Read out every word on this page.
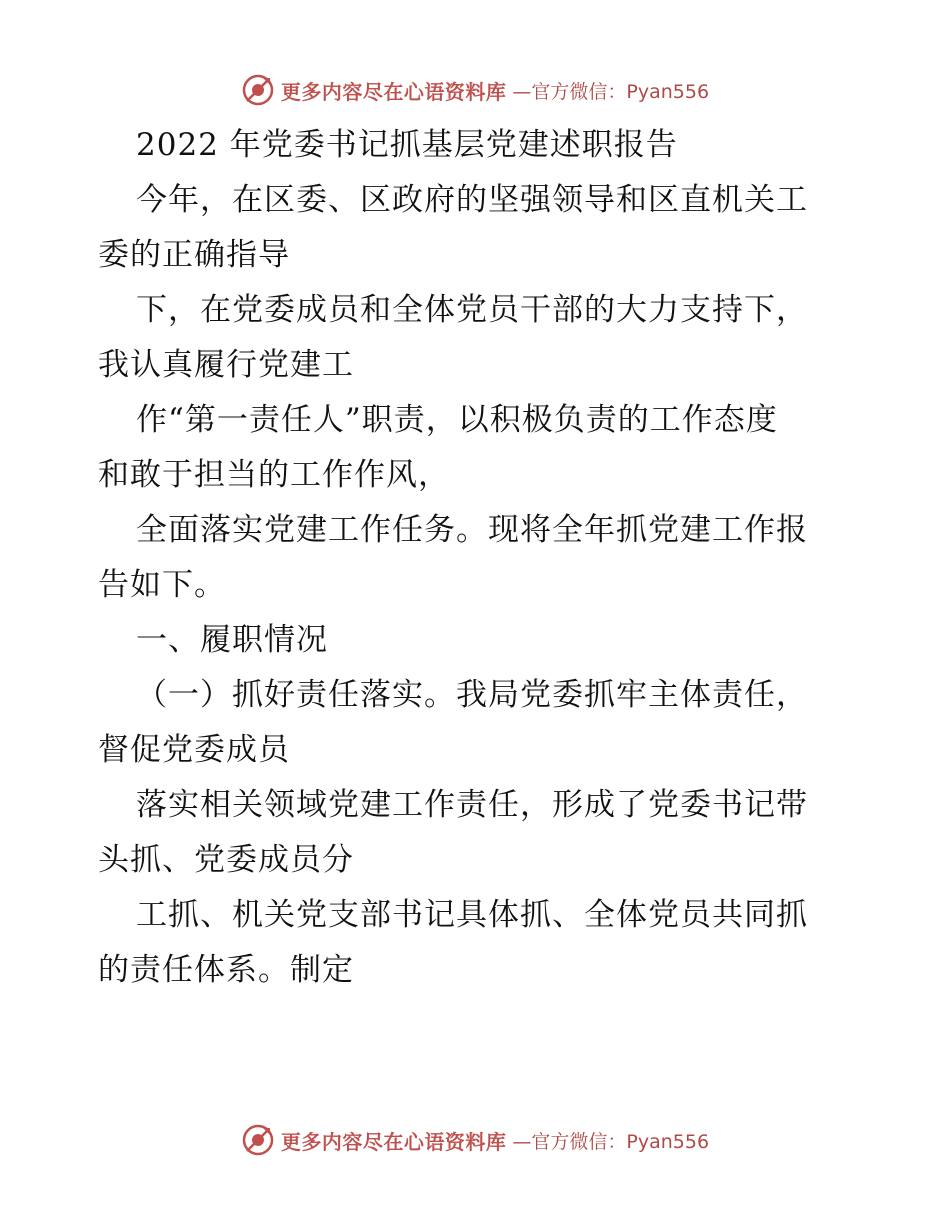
更多内容尽在心语资料库 —官方微信：Pyan556
2022 年党委书记抓基层党建述职报告
今年，在区委、区政府的坚强领导和区直机关工
委的正确指导
下，在党委成员和全体党员干部的大力支持下，
我认真履行党建工
作“第一责任人”职责，以积极负责的工作态度
和敢于担当的工作作风，
全面落实党建工作任务。现将全年抓党建工作报
告如下。
一、履职情况
（一）抓好责任落实。我局党委抓牢主体责任，
督促党委成员
落实相关领域党建工作责任，形成了党委书记带
头抓、党委成员分
工抓、机关党支部书记具体抓、全体党员共同抓
的责任体系。制定
更多内容尽在心语资料库 —官方微信：Pyan556
